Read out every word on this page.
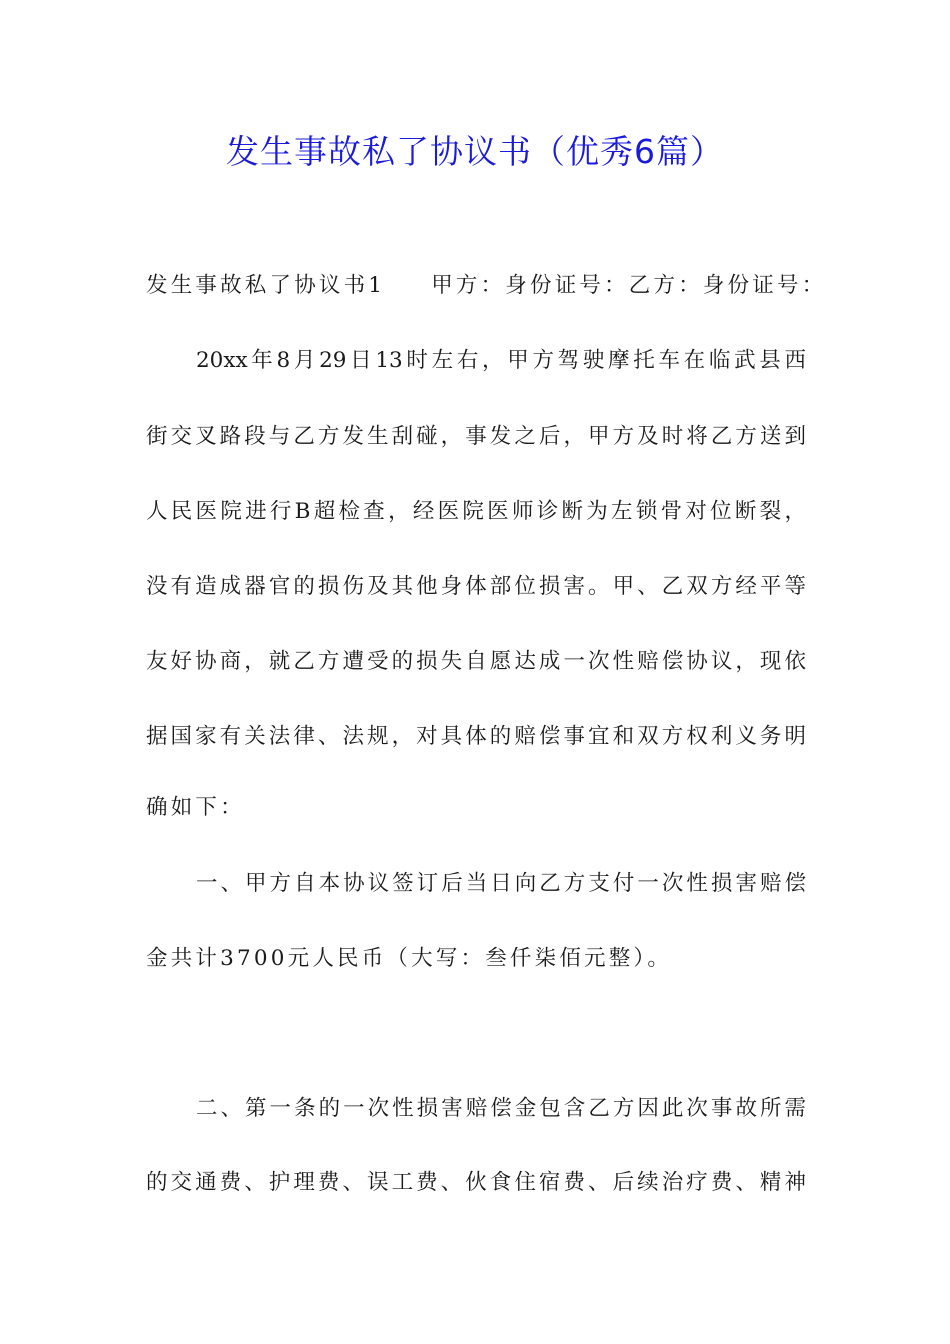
发生事故私了协议书（优秀6篇）
发生事故私了协议书1 甲方：身份证号：乙方：身份证号：
20xx年8月29日13时左右，甲方驾驶摩托车在临武县西
街交叉路段与乙方发生刮碰，事发之后，甲方及时将乙方送到
人民医院进行B超检查，经医院医师诊断为左锁骨对位断裂，
没有造成器官的损伤及其他身体部位损害。甲、乙双方经平等
友好协商，就乙方遭受的损失自愿达成一次性赔偿协议，现依
据国家有关法律、法规，对具体的赔偿事宜和双方权利义务明
确如下：
一、甲方自本协议签订后当日向乙方支付一次性损害赔偿
金共计3700元人民币（大写：叁仟柒佰元整）。
二、第一条的一次性损害赔偿金包含乙方因此次事故所需
的交通费、护理费、误工费、伙食住宿费、后续治疗费、精神
